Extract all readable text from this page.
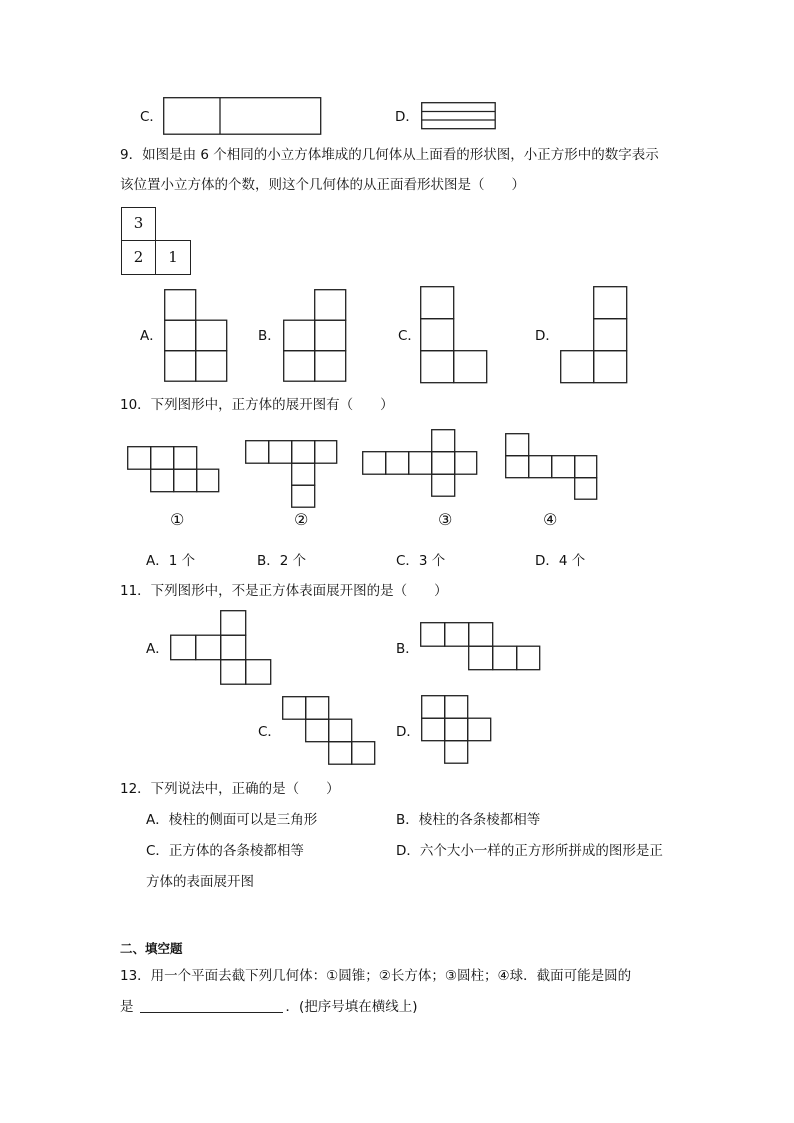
C．	D．
9．如图是由 6 个相同的小立方体堆成的几何体从上面看的形状图，小正方形中的数字表示
该位置小立方体的个数，则这个几何体的从正面看形状图是（　　）
3
2	1
A．	B．	C．	D．
10．下列图形中，正方体的展开图有（　　）
①	②	③	④
A．1 个	B．2 个	C．3 个	D．4 个
11．下列图形中，不是正方体表面展开图的是（　　）
A．	B．
C．	D．
12．下列说法中，正确的是（　　）
A．棱柱的侧面可以是三角形	B．棱柱的各条棱都相等
C．正方体的各条棱都相等	D．六个大小一样的正方形所拼成的图形是正
方体的表面展开图
二、填空题
13．用一个平面去截下列几何体：①圆锥；②长方体；③圆柱；④球．截面可能是圆的
是	．(把序号填在横线上)
